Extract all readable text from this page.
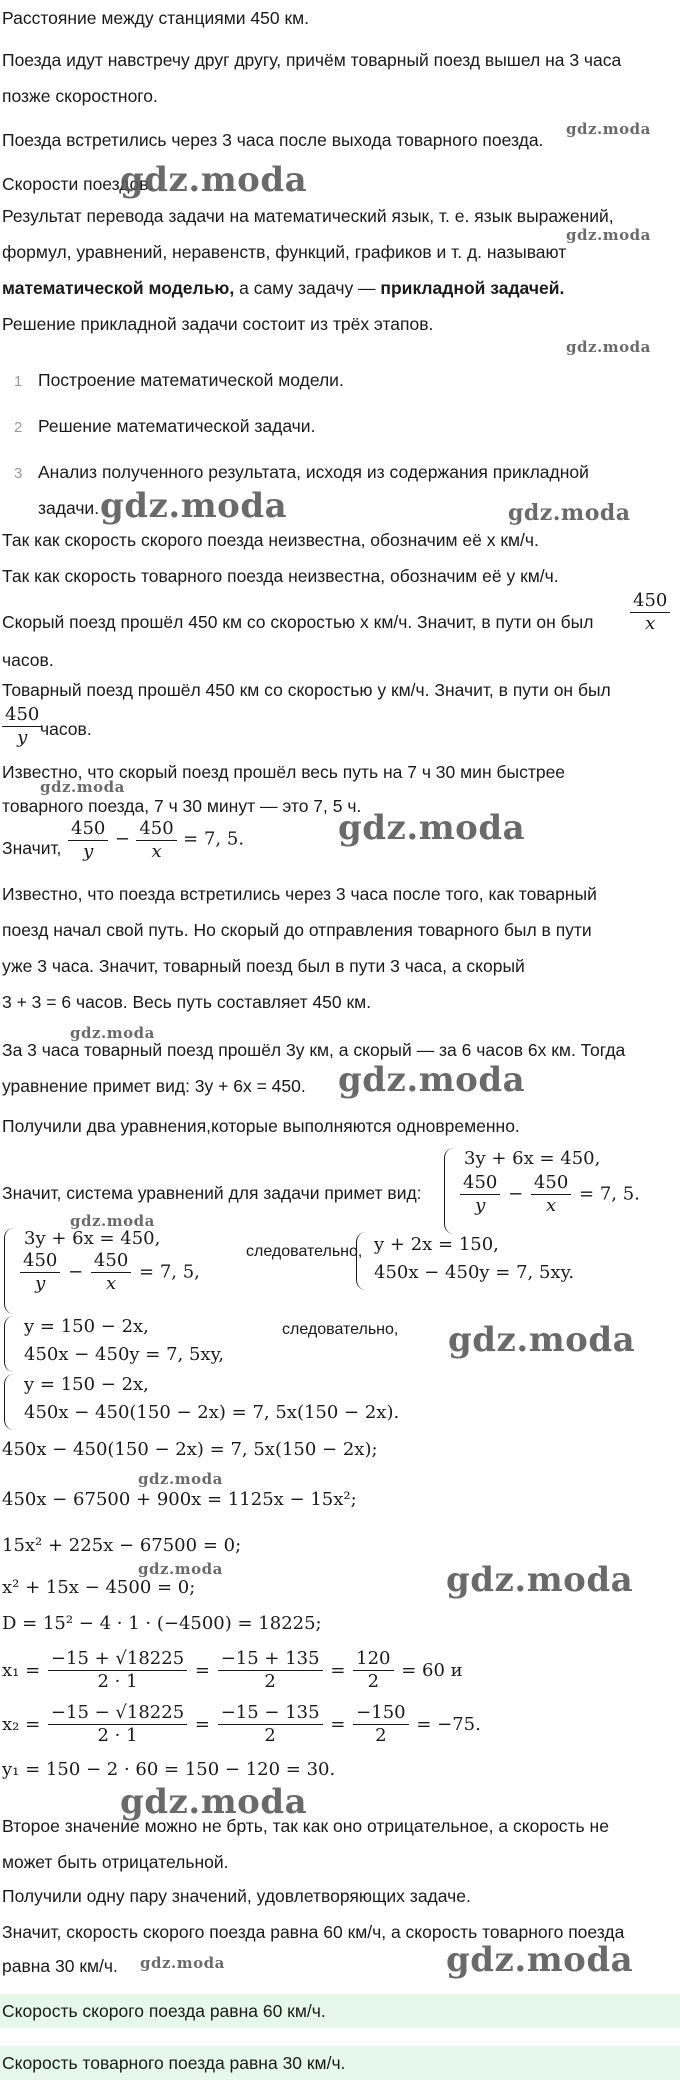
Расстояние между станциями 450 км.
Поезда идут навстречу друг другу, причём товарный поезд вышел на 3 часа
позже скоростного.
Поезда встретились через 3 часа после выхода товарного поезда.
Скорости поездов.
Результат перевода задачи на математический язык, т. е. язык выражений,
формул, уравнений, неравенств, функций, графиков и т. д. называют
математической моделью, а саму задачу — прикладной задачей.
Решение прикладной задачи состоит из трёх этапов.
1 Построение математической модели.
2 Решение математической задачи.
3 Анализ полученного результата, исходя из содержания прикладной
задачи.
Так как скорость скорого поезда неизвестна, обозначим её x км/ч.
Так как скорость товарного поезда неизвестна, обозначим её y км/ч.
Скорый поезд прошёл 450 км со скоростью x км/ч. Значит, в пути он был $\frac{450}{x}$
часов.
Товарный поезд прошёл 450 км со скоростью y км/ч. Значит, в пути он был
$\frac{450}{y}$
часов.
Известно, что скорый поезд прошёл весь путь на 7 ч 30 мин быстрее
товарного поезда, 7 ч 30 минут — это 7, 5 ч.
Значит, $\frac{450}{y} - \frac{450}{x} = 7$, 5.
Известно, что поезда встретились через 3 часа после того, как товарный
поезд начал свой путь. Но скорый до отправления товарного был в пути
уже 3 часа. Значит, товарный поезд был в пути 3 часа, а скорый
3 + 3 = 6 часов. Весь путь составляет 450 км.
За 3 часа товарный поезд прошёл 3y км, а скорый — за 6 часов 6x км. Тогда
уравнение примет вид: 3y + 6x = 450.
Получили два уравнения,которые выполняются одновременно.
Значит, система уравнений для задачи примет вид:
3y + 6x = 450,
$\frac{450}{y} - \frac{450}{x} = 7$, 5.
3y + 6x = 450,
$\frac{450}{y} - \frac{450}{x} = 7$, 5,
следовательно, y + 2x = 150,
450x − 450y = 7, 5xy.
y = 150 − 2x,
450x − 450y = 7, 5xy,
следовательно,
y = 150 − 2x,
450x − 450(150 − 2x) = 7, 5x(150 − 2x).
450x − 450(150 − 2x) = 7, 5x(150 − 2x);
450x − 67500 + 900x = 1125x − 15x²;
15x² + 225x − 67500 = 0;
x² + 15x − 4500 = 0;
D = 15² − 4 · 1 · (−4500) = 18225;
$x_1 = \frac{-15 + √18225}{2 \cdot 1} = \frac{-15 + 135}{2} = \frac{120}{2} = 60$ и
$x_2 = \frac{-15 - √18225}{2 \cdot 1} = \frac{-15 - 135}{2} = \frac{-150}{2} = -75$.
y₁ = 150 − 2 · 60 = 150 − 120 = 30.
Второе значение можно не брть, так как оно отрицательное, а скорость не
может быть отрицательной.
Получили одну пару значений, удовлетворяющих задаче.
Значит, скорость скорого поезда равна 60 км/ч, а скорость товарного поезда
равна 30 км/ч.
Скорость скорого поезда равна 60 км/ч.
Скорость товарного поезда равна 30 км/ч.
gdz.moda
gdz.moda
gdz.moda
gdz.moda
gdz.moda	gdz.moda
gdz.moda
gdz.moda
gdz.moda
gdz.moda
gdz.moda
gdz.moda
gdz.moda
gdz.moda	gdz.moda
gdz.moda
gdz.moda	gdz.moda
